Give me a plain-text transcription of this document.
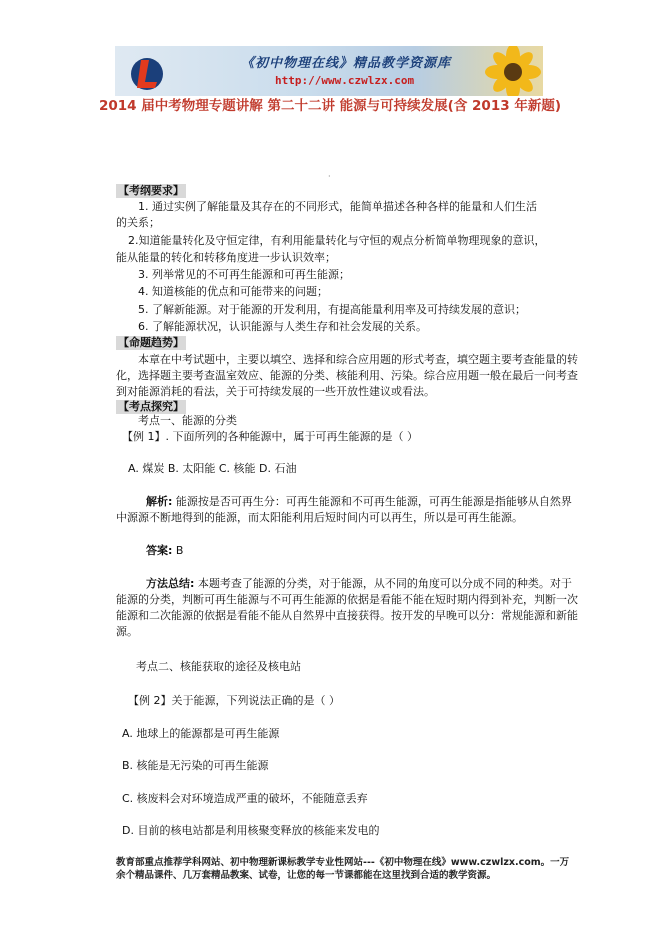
《初中物理在线》精品教学资源库
http://www.czwlzx.com
2014 届中考物理专题讲解 第二十二讲 能源与可持续发展(含 2013 年新题)
·
【考纲要求】
1. 通过实例了解能量及其存在的不同形式，能简单描述各种各样的能量和人们生活
的关系；
2.知道能量转化及守恒定律，有利用能量转化与守恒的观点分析简单物理现象的意识，
能从能量的转化和转移角度进一步认识效率；
3. 列举常见的不可再生能源和可再生能源；
4. 知道核能的优点和可能带来的问题；
5. 了解新能源。对于能源的开发利用，有提高能量利用率及可持续发展的意识；
6. 了解能源状况，认识能源与人类生存和社会发展的关系。
【命题趋势】
本章在中考试题中，主要以填空、选择和综合应用题的形式考查，填空题主要考查能量的转化，选择题主要考查温室效应、能源的分类、核能利用、污染。综合应用题一般在最后一问考查到对能源消耗的看法，关于可持续发展的一些开放性建议或看法。
【考点探究】
考点一、能源的分类
【例 1】. 下面所列的各种能源中，属于可再生能源的是（ ）
A. 煤炭 B. 太阳能 C. 核能 D. 石油
解析: 能源按是否可再生分：可再生能源和不可再生能源，可再生能源是指能够从自然界中源源不断地得到的能源，而太阳能利用后短时间内可以再生，所以是可再生能源。
答案: B
方法总结: 本题考查了能源的分类，对于能源，从不同的角度可以分成不同的种类。对于能源的分类，判断可再生能源与不可再生能源的依据是看能不能在短时期内得到补充，判断一次能源和二次能源的依据是看能不能从自然界中直接获得。按开发的早晚可以分：常规能源和新能源。
考点二、核能获取的途径及核电站
【例 2】关于能源，下列说法正确的是（ ）
A. 地球上的能源都是可再生能源
B. 核能是无污染的可再生能源
C. 核废料会对环境造成严重的破坏，不能随意丢弃
D. 目前的核电站都是利用核聚变释放的核能来发电的
教育部重点推荐学科网站、初中物理新课标教学专业性网站---《初中物理在线》www.czwlzx.com。一万余个精品课件、几万套精品教案、试卷，让您的每一节课都能在这里找到合适的教学资源。
